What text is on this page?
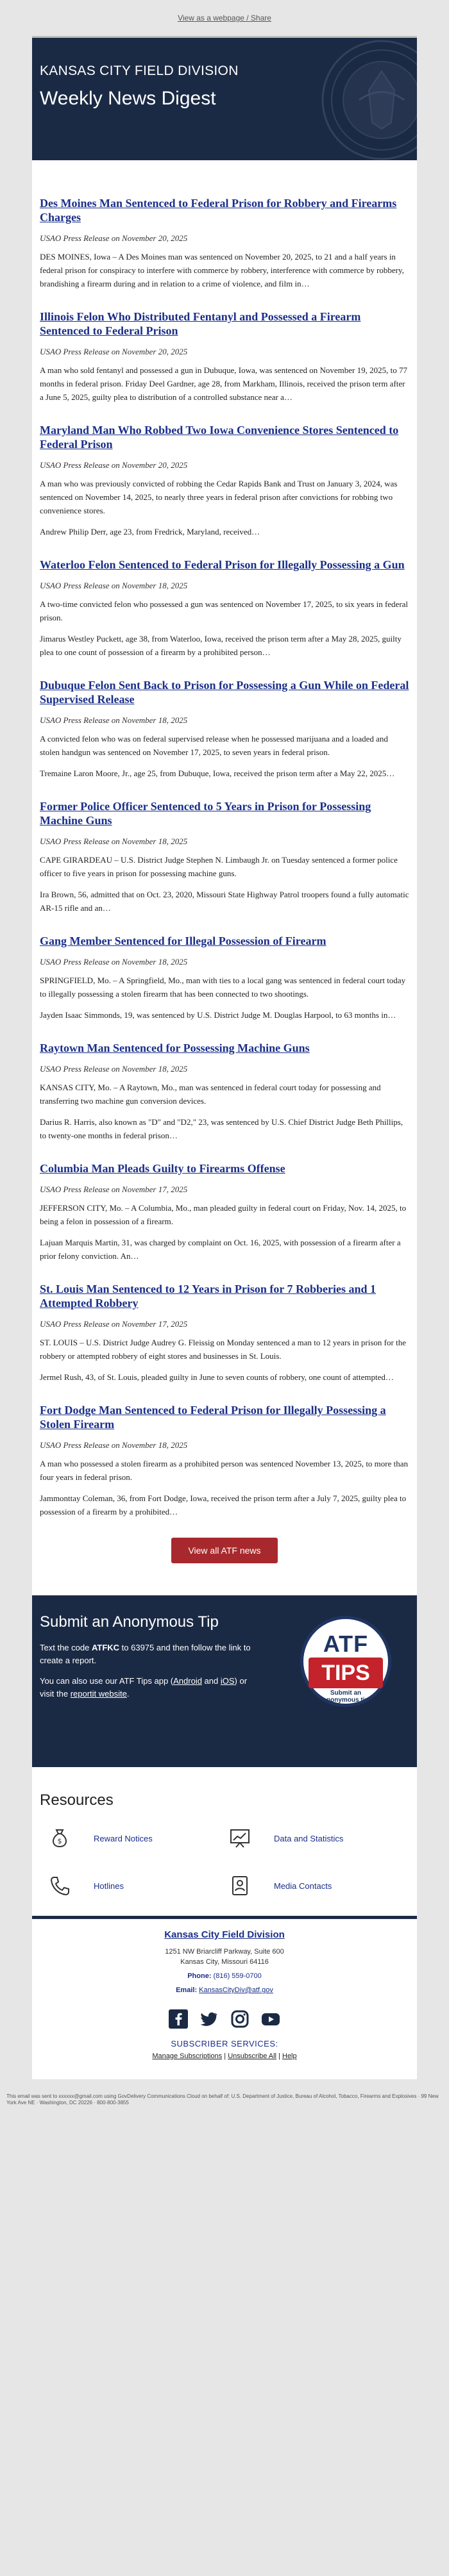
View as a webpage / Share
KANSAS CITY FIELD DIVISION
Weekly News Digest
Des Moines Man Sentenced to Federal Prison for Robbery and Firearms Charges
USAO Press Release on November 20, 2025

DES MOINES, Iowa – A Des Moines man was sentenced on November 20, 2025, to 21 and a half years in federal prison for conspiracy to interfere with commerce by robbery, interference with commerce by robbery, brandishing a firearm during and in relation to a crime of violence, and film in…

Illinois Felon Who Distributed Fentanyl and Possessed a Firearm Sentenced to Federal Prison
USAO Press Release on November 20, 2025

A man who sold fentanyl and possessed a gun in Dubuque, Iowa, was sentenced on November 19, 2025, to 77 months in federal prison. Friday Deel Gardner, age 28, from Markham, Illinois, received the prison term after a June 5, 2025, guilty plea to distribution of a controlled substance near a…

Maryland Man Who Robbed Two Iowa Convenience Stores Sentenced to Federal Prison
USAO Press Release on November 20, 2025

A man who was previously convicted of robbing the Cedar Rapids Bank and Trust on January 3, 2024, was sentenced on November 14, 2025, to nearly three years in federal prison after convictions for robbing two convenience stores.

Andrew Philip Derr, age 23, from Fredrick, Maryland, received…

Waterloo Felon Sentenced to Federal Prison for Illegally Possessing a Gun
USAO Press Release on November 18, 2025

A two-time convicted felon who possessed a gun was sentenced on November 17, 2025, to six years in federal prison.

Jimarus Westley Puckett, age 38, from Waterloo, Iowa, received the prison term after a May 28, 2025, guilty plea to one count of possession of a firearm by a prohibited person…

Dubuque Felon Sent Back to Prison for Possessing a Gun While on Federal Supervised Release
USAO Press Release on November 18, 2025

A convicted felon who was on federal supervised release when he possessed marijuana and a loaded and stolen handgun was sentenced on November 17, 2025, to seven years in federal prison.

Tremaine Laron Moore, Jr., age 25, from Dubuque, Iowa, received the prison term after a May 22, 2025…

Former Police Officer Sentenced to 5 Years in Prison for Possessing Machine Guns
USAO Press Release on November 18, 2025

CAPE GIRARDEAU – U.S. District Judge Stephen N. Limbaugh Jr. on Tuesday sentenced a former police officer to five years in prison for possessing machine guns.

Ira Brown, 56, admitted that on Oct. 23, 2020, Missouri State Highway Patrol troopers found a fully automatic AR-15 rifle and an…

Gang Member Sentenced for Illegal Possession of Firearm
USAO Press Release on November 18, 2025

SPRINGFIELD, Mo. – A Springfield, Mo., man with ties to a local gang was sentenced in federal court today to illegally possessing a stolen firearm that has been connected to two shootings.

Jayden Isaac Simmonds, 19, was sentenced by U.S. District Judge M. Douglas Harpool, to 63 months in…

Raytown Man Sentenced for Possessing Machine Guns
USAO Press Release on November 18, 2025

KANSAS CITY, Mo. – A Raytown, Mo., man was sentenced in federal court today for possessing and transferring two machine gun conversion devices.

Darius R. Harris, also known as "D" and "D2," 23, was sentenced by U.S. Chief District Judge Beth Phillips, to twenty-one months in federal prison…

Columbia Man Pleads Guilty to Firearms Offense
USAO Press Release on November 17, 2025

JEFFERSON CITY, Mo. – A Columbia, Mo., man pleaded guilty in federal court on Friday, Nov. 14, 2025, to being a felon in possession of a firearm.

Lajuan Marquis Martin, 31, was charged by complaint on Oct. 16, 2025, with possession of a firearm after a prior felony conviction. An…

St. Louis Man Sentenced to 12 Years in Prison for 7 Robberies and 1 Attempted Robbery
USAO Press Release on November 17, 2025

ST. LOUIS – U.S. District Judge Audrey G. Fleissig on Monday sentenced a man to 12 years in prison for the robbery or attempted robbery of eight stores and businesses in St. Louis.

Jermel Rush, 43, of St. Louis, pleaded guilty in June to seven counts of robbery, one count of attempted…

Fort Dodge Man Sentenced to Federal Prison for Illegally Possessing a Stolen Firearm
USAO Press Release on November 18, 2025

A man who possessed a stolen firearm as a prohibited person was sentenced November 13, 2025, to more than four years in federal prison.

Jammonttay Coleman, 36, from Fort Dodge, Iowa, received the prison term after a July 7, 2025, guilty plea to possession of a firearm by a prohibited…

View all ATF news
Submit an Anonymous Tip

Text the code ATFKC to 63975 and then follow the link to create a report.

You can also use our ATF Tips app (Android and iOS) or visit the reportit website.

ATF
TIPS
Submit an
anonymous tip
Resources
$	Reward Notices	Data and Statistics
Hotlines	Media Contacts
Kansas City Field Division
1251 NW Briarcliff Parkway, Suite 600
Kansas City, Missouri 64116
Phone: (816) 559-0700
Email: KansasCityDiv@atf.gov
SUBSCRIBER SERVICES:
Manage Subscriptions | Unsubscribe All | Help
This email was sent to xxxxxx@gmail.com using GovDelivery Communications Cloud on behalf of: U.S. Department of Justice, Bureau of Alcohol, Tobacco, Firearms and Explosives · 99 New York Ave NE · Washington, DC 20226 · 800-800-3855
